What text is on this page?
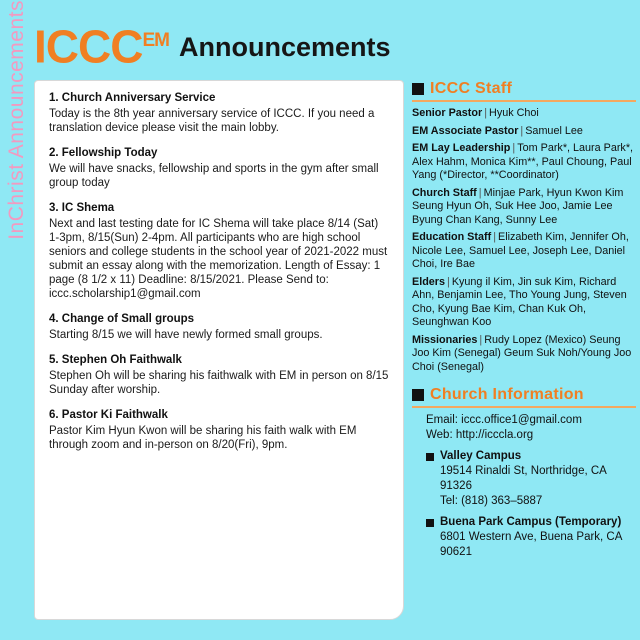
InChrist Announcements $ICCC^{EM}$ Announcements
1. Church Anniversary Service
Today is the 8th year anniversary service of ICCC. If you need a translation device please visit the main lobby.
2. Fellowship Today
We will have snacks, fellowship and sports in the gym after small group today
3. IC Shema
Next and last testing date for IC Shema will take place 8/14 (Sat) 1-3pm, 8/15(Sun) 2-4pm. All participants who are high school seniors and college students in the school year of 2021-2022 must submit an essay along with the memorization. Length of Essay: 1 page (8 1/2 x 11) Deadline: 8/15/2021. Please Send to: iccc.scholarship1@gmail.com
4. Change of Small groups
Starting 8/15 we will have newly formed small groups.
5. Stephen Oh Faithwalk
Stephen Oh will be sharing his faithwalk with EM in person on 8/15 Sunday after worship.
6. Pastor Ki Faithwalk
Pastor Kim Hyun Kwon will be sharing his faith walk with EM through zoom and in-person on 8/20(Fri), 9pm.
ICCC Staff
Senior Pastor | Hyuk Choi
EM Associate Pastor | Samuel Lee
EM Lay Leadership | Tom Park*, Laura Park*, Alex Hahm, Monica Kim**, Paul Choung, Paul Yang (*Director, **Coordinator)
Church Staff | Minjae Park, Hyun Kwon Kim Seung Hyun Oh, Suk Hee Joo, Jamie Lee Byung Chan Kang, Sunny Lee
Education Staff | Elizabeth Kim, Jennifer Oh, Nicole Lee, Samuel Lee, Joseph Lee, Daniel Choi, Ire Bae
Elders | Kyung il Kim, Jin suk Kim, Richard Ahn, Benjamin Lee, Tho Young Jung, Steven Cho, Kyung Bae Kim, Chan Kuk Oh, Seunghwan Koo
Missionaries | Rudy Lopez (Mexico) Seung Joo Kim (Senegal) Geum Suk Noh/Young Joo Choi (Senegal)
Church Information
Email: iccc.office1@gmail.com
Web: http://icccla.org
Valley Campus
19514 Rinaldi St, Northridge, CA 91326
Tel: (818) 363–5887
Buena Park Campus (Temporary)
6801 Western Ave, Buena Park, CA 90621
